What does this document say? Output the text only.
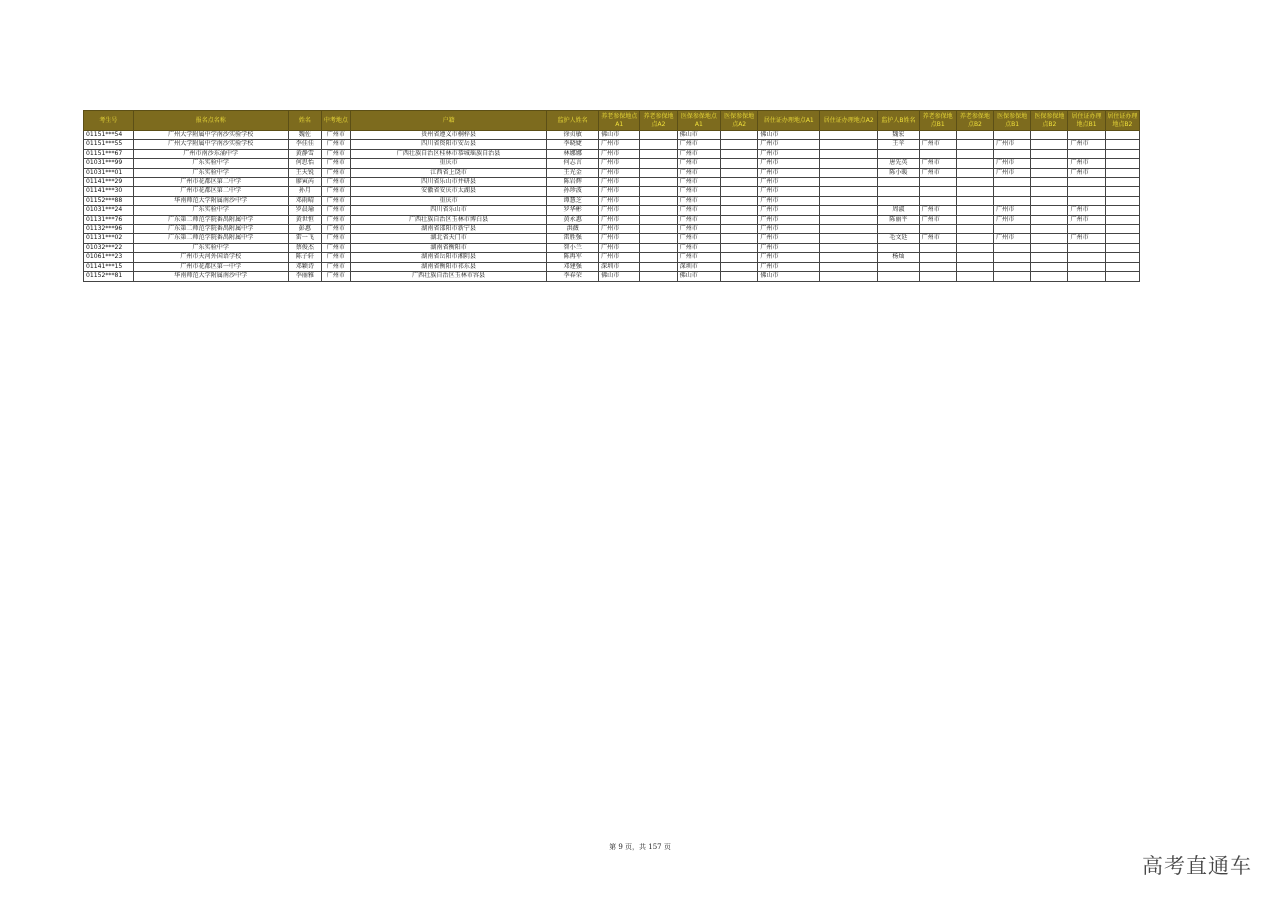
考生号	报名点名称	姓名	中考地点	户籍	监护人姓名	养老参保地点A1	养老参保地点A2	医保参保地点A1	医保参保地点A2	居住证办理地点A1	居住证办理地点A2	监护人B姓名	养老参保地点B1	养老参保地点B2	医保参保地点B1	医保参保地点B2	居住证办理地点B1	居住证办理地点B2
01151***54	广州大学附属中学南沙实验学校	魏佐	广州市	贵州省遵义市桐梓县	徐贞敏	佛山市		佛山市		佛山市		魏宏						
01151***55	广州大学附属中学南沙实验学校	李佳佳	广州市	四川省资阳市安岳县	李晓婕	广州市		广州市		广州市		王苹	广州市		广州市		广州市	
01151***67	广州市南沙东涌中学	黄静雪	广州市	广西壮族自治区桂林市恭城瑶族自治县	林娜娜	广州市		广州市		广州市								
01031***99	广东实验中学	何思怡	广州市	重庆市	何志言	广州市		广州市		广州市		唐先英	广州市		广州市		广州市	
01031***01	广东实验中学	王天锐	广州市	江西省上饶市	王光金	广州市		广州市		广州市		陈小暖	广州市		广州市		广州市	
01141***29	广州市花都区第二中学	廖寅芮	广州市	四川省乐山市井研县	陈岩辉	广州市		广州市		广州市								
01141***30	广州市花都区第二中学	孙月	广州市	安徽省安庆市太湖县	孙珍波	广州市		广州市		广州市								
01152***88	华南师范大学附属南沙中学	邓雨晴	广州市	重庆市	谭慧芝	广州市		广州市		广州市								
01031***24	广东实验中学	罗晨瑜	广州市	四川省乐山市	罗华彬	广州市		广州市		广州市		周淑	广州市		广州市		广州市	
01131***76	广东第二师范学院番禺附属中学	黄世恒	广州市	广西壮族自治区玉林市博白县	黄永惠	广州市		广州市		广州市		陈丽平	广州市		广州市		广州市	
01132***96	广东第二师范学院番禺附属中学	彭惠	广州市	湖南省邵阳市新宁县	洪薇	广州市		广州市		广州市								
01131***02	广东第二师范学院番禺附属中学	雷一飞	广州市	湖北省天门市	雷胜强	广州市		广州市		广州市		毛文廷	广州市		广州市		广州市	
01032***22	广东实验中学	蔡俊杰	广州市	湖南省衡阳市	智小兰	广州市		广州市		广州市								
01061***23	广州市天河外国语学校	陈子轩	广州市	湖南省岳阳市湘阴县	陈再军	广州市		广州市		广州市		杨灿						
01141***15	广州市花都区第一中学	邓颖诗	广州市	湖南省衡阳市祁东县	邓建强	深圳市		深圳市		广州市								
01152***81	华南师范大学附属南沙中学	李丽雅	广州市	广西壮族自治区玉林市容县	李春荣	佛山市		佛山市		佛山市								
第 9 页，共 157 页
高考直通车
